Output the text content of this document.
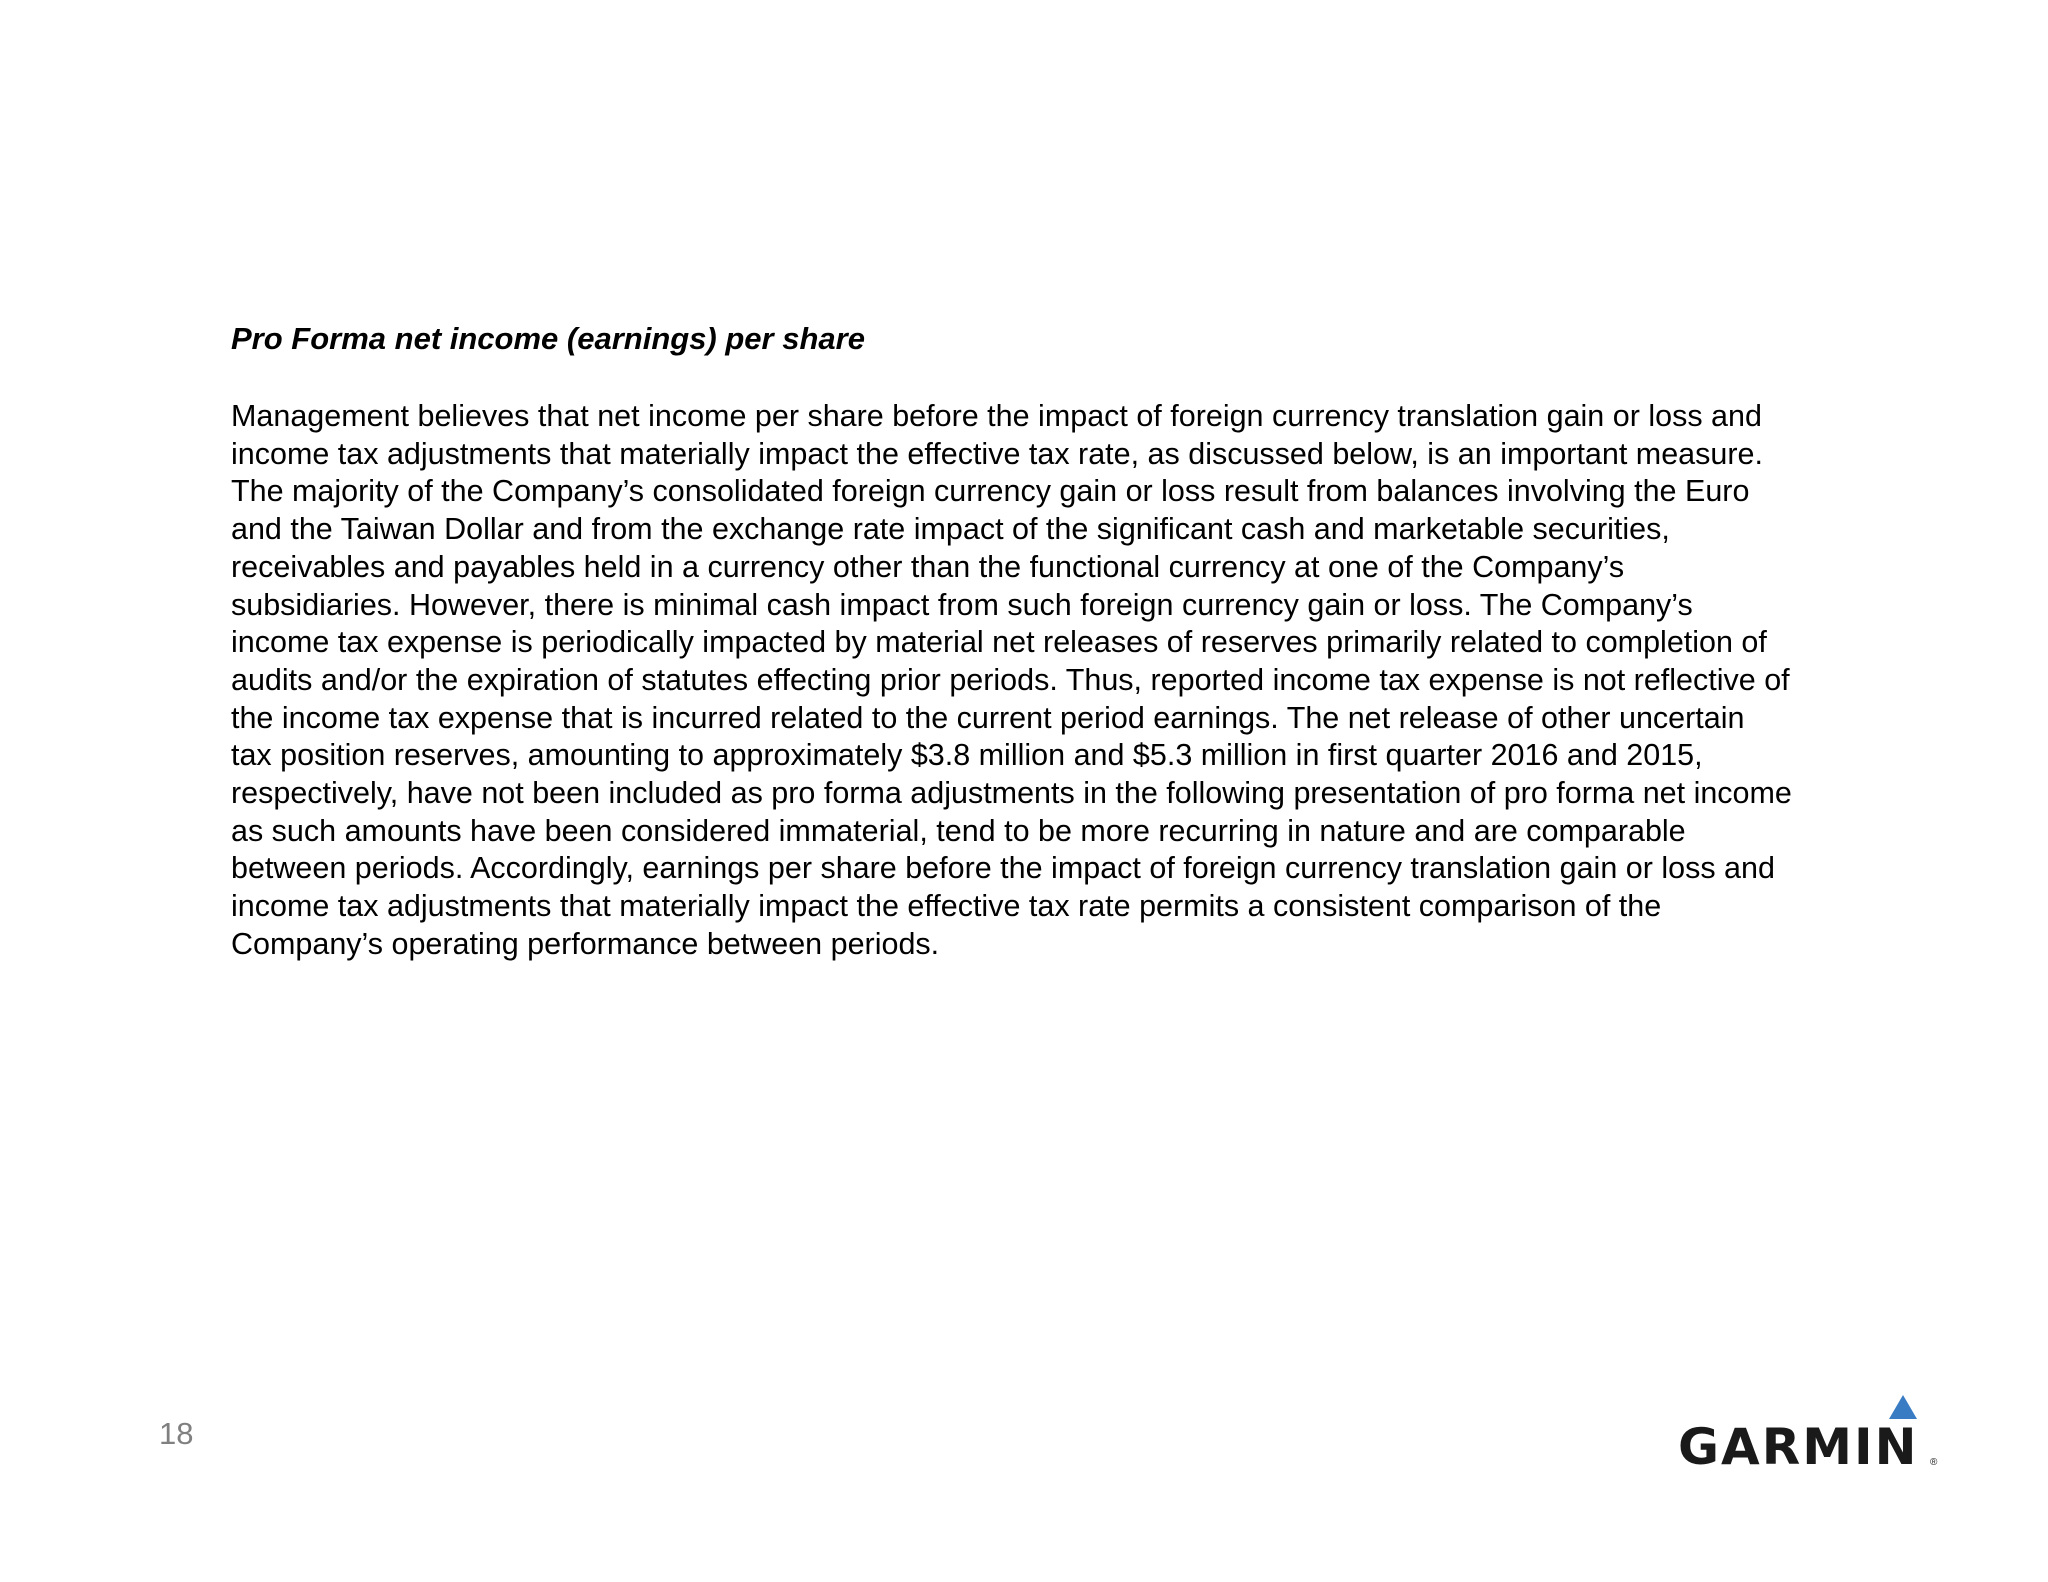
Pro Forma net income (earnings) per share
Management believes that net income per share before the impact of foreign currency translation gain or loss and
income tax adjustments that materially impact the effective tax rate, as discussed below, is an important measure.
The majority of the Company’s consolidated foreign currency gain or loss result from balances involving the Euro
and the Taiwan Dollar and from the exchange rate impact of the significant cash and marketable securities,
receivables and payables held in a currency other than the functional currency at one of the Company’s
subsidiaries. However, there is minimal cash impact from such foreign currency gain or loss. The Company’s
income tax expense is periodically impacted by material net releases of reserves primarily related to completion of
audits and/or the expiration of statutes effecting prior periods. Thus, reported income tax expense is not reflective of
the income tax expense that is incurred related to the current period earnings. The net release of other uncertain
tax position reserves, amounting to approximately $3.8 million and $5.3 million in first quarter 2016 and 2015,
respectively, have not been included as pro forma adjustments in the following presentation of pro forma net income
as such amounts have been considered immaterial, tend to be more recurring in nature and are comparable
between periods. Accordingly, earnings per share before the impact of foreign currency translation gain or loss and
income tax adjustments that materially impact the effective tax rate permits a consistent comparison of the
Company’s operating performance between periods.
18	GARMIN ®
